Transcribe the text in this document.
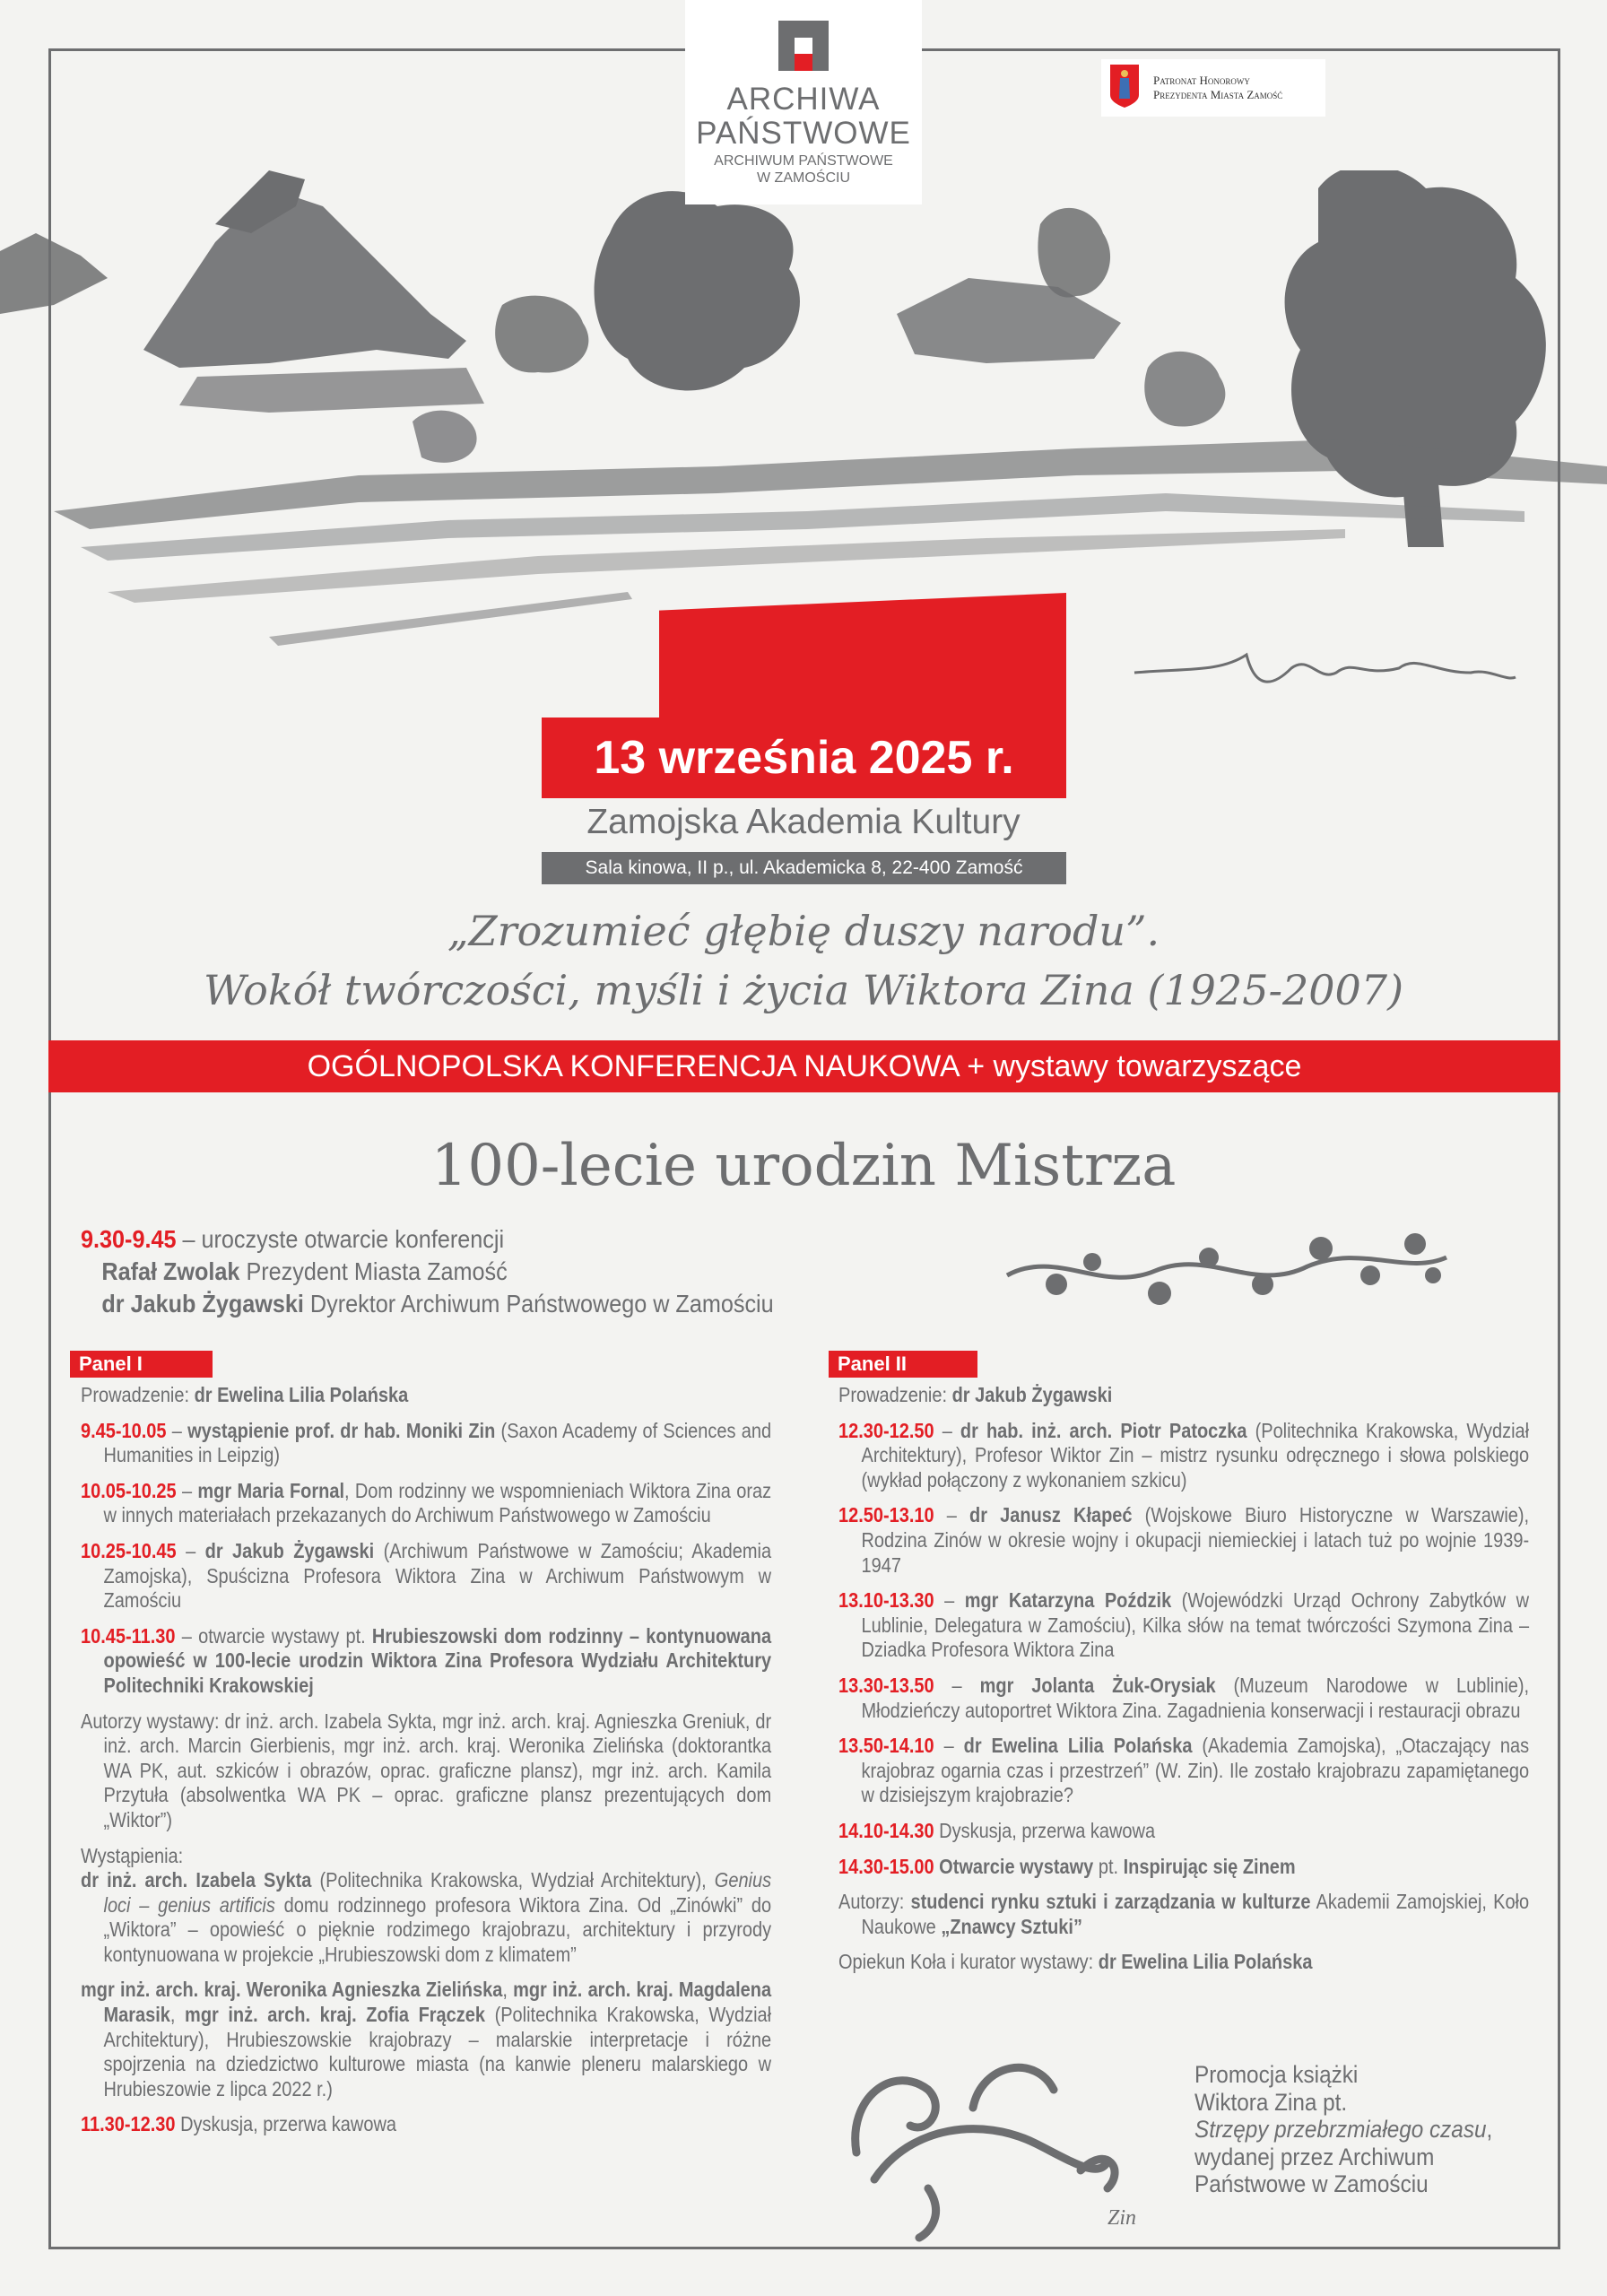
ARCHIWA
PAŃSTWOWE
ARCHIWUM PAŃSTWOWE
W ZAMOŚCIU
Patronat Honorowy
Prezydenta Miasta Zamość
13 września 2025 r.
Zamojska Akademia Kultury
Sala kinowa, II p., ul. Akademicka 8, 22-400 Zamość
„Zrozumieć głębię duszy narodu”.
Wokół twórczości, myśli i życia Wiktora Zina (1925-2007)
OGÓLNOPOLSKA KONFERENCJA NAUKOWA + wystawy towarzyszące
100-lecie urodzin Mistrza
9.30-9.45 – uroczyste otwarcie konferencji
Rafał Zwolak Prezydent Miasta Zamość
dr Jakub Żygawski Dyrektor Archiwum Państwowego w Zamościu
Panel I
Prowadzenie: dr Ewelina Lilia Polańska
9.45-10.05 – wystąpienie prof. dr hab. Moniki Zin (Saxon Academy of Sciences and Humanities in Leipzig)
10.05-10.25 – mgr Maria Fornal, Dom rodzinny we wspomnieniach Wiktora Zina oraz w innych materiałach przekazanych do Archiwum Państwowego w Zamościu
10.25-10.45 – dr Jakub Żygawski (Archiwum Państwowe w Zamościu; Akademia Zamojska), Spuścizna Profesora Wiktora Zina w Archiwum Państwowym w Zamościu
10.45-11.30 – otwarcie wystawy pt. Hrubieszowski dom rodzinny – kontynuowana opowieść w 100-lecie urodzin Wiktora Zina Profesora Wydziału Architektury Politechniki Krakowskiej
Autorzy wystawy: dr inż. arch. Izabela Sykta, mgr inż. arch. kraj. Agnieszka Greniuk, dr inż. arch. Marcin Gierbienis, mgr inż. arch. kraj. Weronika Zielińska (doktorantka WA PK, aut. szkiców i obrazów, oprac. graficzne plansz), mgr inż. arch. Kamila Przytuła (absolwentka WA PK – oprac. graficzne plansz prezentujących dom „Wiktor”)
Wystąpienia:
dr inż. arch. Izabela Sykta (Politechnika Krakowska, Wydział Architektury), Genius loci – genius artificis domu rodzinnego profesora Wiktora Zina. Od „Zinówki” do „Wiktora” – opowieść o pięknie rodzimego krajobrazu, architektury i przyrody kontynuowana w projekcie „Hrubieszowski dom z klimatem”
mgr inż. arch. kraj. Weronika Agnieszka Zielińska, mgr inż. arch. kraj. Magdalena Marasik, mgr inż. arch. kraj. Zofia Frączek (Politechnika Krakowska, Wydział Architektury), Hrubieszowskie krajobrazy – malarskie interpretacje i różne spojrzenia na dziedzictwo kulturowe miasta (na kanwie pleneru malarskiego w Hrubieszowie z lipca 2022 r.)
11.30-12.30 Dyskusja, przerwa kawowa
Panel II
Prowadzenie: dr Jakub Żygawski
12.30-12.50 – dr hab. inż. arch. Piotr Patoczka (Politechnika Krakowska, Wydział Architektury), Profesor Wiktor Zin – mistrz rysunku odręcznego i słowa polskiego (wykład połączony z wykonaniem szkicu)
12.50-13.10 – dr Janusz Kłapeć (Wojskowe Biuro Historyczne w Warszawie), Rodzina Zinów w okresie wojny i okupacji niemieckiej i latach tuż po wojnie 1939-1947
13.10-13.30 – mgr Katarzyna Poździk (Wojewódzki Urząd Ochrony Zabytków w Lublinie, Delegatura w Zamościu), Kilka słów na temat twórczości Szymona Zina – Dziadka Profesora Wiktora Zina
13.30-13.50 – mgr Jolanta Żuk-Orysiak (Muzeum Narodowe w Lublinie), Młodzieńczy autoportret Wiktora Zina. Zagadnienia konserwacji i restauracji obrazu
13.50-14.10 – dr Ewelina Lilia Polańska (Akademia Zamojska), „Otaczający nas krajobraz ogarnia czas i przestrzeń” (W. Zin). Ile zostało krajobrazu zapamiętanego w dzisiejszym krajobrazie?
14.10-14.30 Dyskusja, przerwa kawowa
14.30-15.00 Otwarcie wystawy pt. Inspirując się Zinem
Autorzy: studenci rynku sztuki i zarządzania w kulturze Akademii Zamojskiej, Koło Naukowe „Znawcy Sztuki”
Opiekun Koła i kurator wystawy: dr Ewelina Lilia Polańska
Zin
Promocja książki
Wiktora Zina pt.
Strzępy przebrzmiałego czasu,
wydanej przez Archiwum
Państwowe w Zamościu
